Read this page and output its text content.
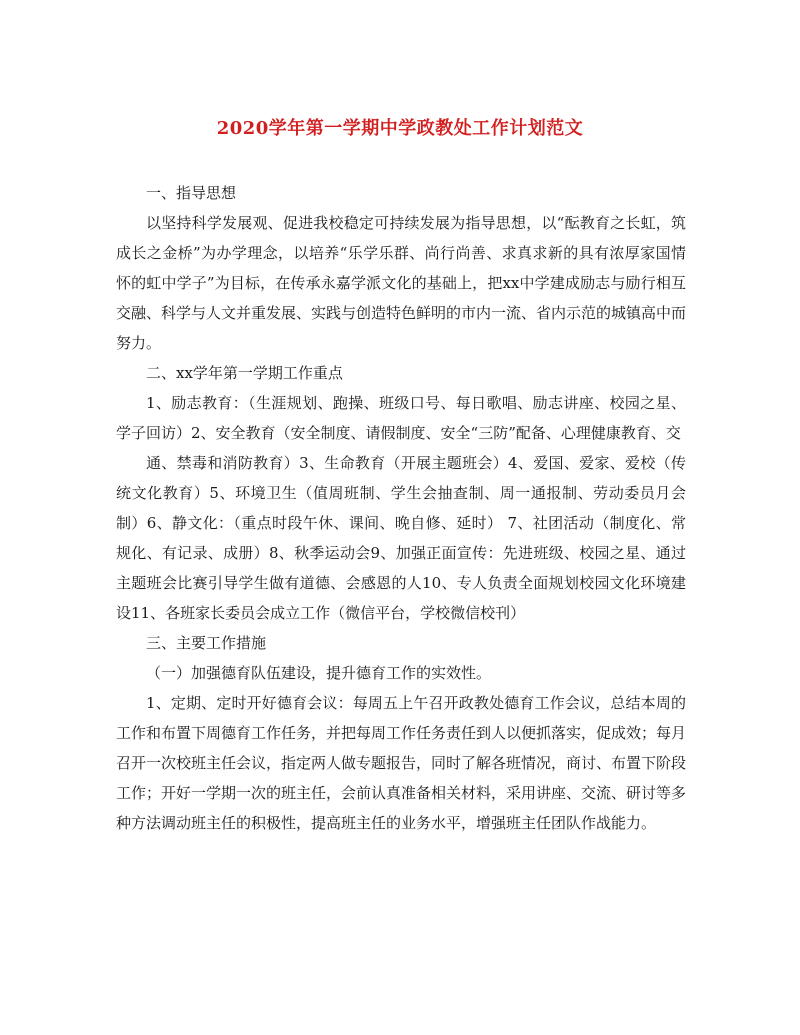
2020学年第一学期中学政教处工作计划范文

一、指导思想

以坚持科学发展观、促进我校稳定可持续发展为指导思想，以“酝教育之长虹，筑成长之金桥”为办学理念，以培养“乐学乐群、尚行尚善、求真求新的具有浓厚家国情怀的虹中学子”为目标，在传承永嘉学派文化的基础上，把xx中学建成励志与励行相互交融、科学与人文并重发展、实践与创造特色鲜明的市内一流、省内示范的城镇高中而努力。

二、xx学年第一学期工作重点

1、励志教育：（生涯规划、跑操、班级口号、每日歌唱、励志讲座、校园之星、学子回访）2、安全教育（安全制度、请假制度、安全“三防”配备、心理健康教育、交

通、禁毒和消防教育）3、生命教育（开展主题班会）4、爱国、爱家、爱校（传统文化教育）5、环境卫生（值周班制、学生会抽查制、周一通报制、劳动委员月会制）6、静文化：（重点时段午休、课间、晚自修、延时） 7、社团活动（制度化、常规化、有记录、成册）8、秋季运动会9、加强正面宣传：先进班级、校园之星、通过主题班会比赛引导学生做有道德、会感恩的人10、专人负责全面规划校园文化环境建设11、各班家长委员会成立工作（微信平台，学校微信校刊）

三、主要工作措施

（一）加强德育队伍建设，提升德育工作的实效性。

1、定期、定时开好德育会议：每周五上午召开政教处德育工作会议，总结本周的工作和布置下周德育工作任务，并把每周工作任务责任到人以便抓落实，促成效；每月召开一次校班主任会议，指定两人做专题报告，同时了解各班情况，商讨、布置下阶段工作；开好一学期一次的班主任，会前认真准备相关材料，采用讲座、交流、研讨等多种方法调动班主任的积极性，提高班主任的业务水平，增强班主任团队作战能力。
